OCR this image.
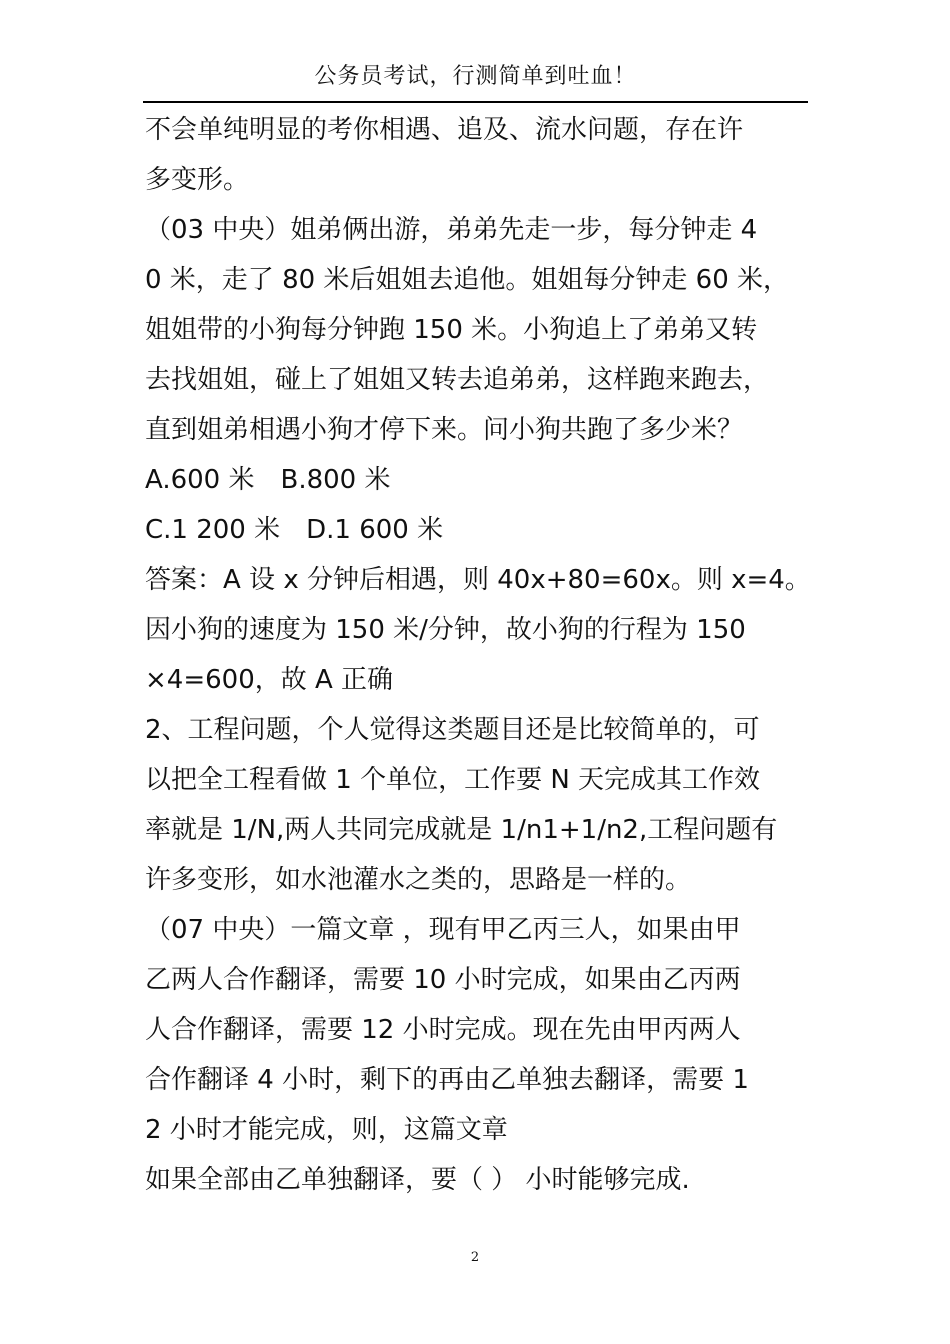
公务员考试，行测简单到吐血！
不会单纯明显的考你相遇、追及、流水问题，存在许
多变形。
（03 中央）姐弟俩出游，弟弟先走一步，每分钟走 4
0 米，走了 80 米后姐姐去追他。姐姐每分钟走 60 米，
姐姐带的小狗每分钟跑 150 米。小狗追上了弟弟又转
去找姐姐，碰上了姐姐又转去追弟弟，这样跑来跑去，
直到姐弟相遇小狗才停下来。问小狗共跑了多少米？
A.600 米　B.800 米
C.1 200 米　D.1 600 米
答案：A 设 x 分钟后相遇，则 40x+80=60x。则 x=4。
因小狗的速度为 150 米/分钟，故小狗的行程为 150
×4=600，故 A 正确
2、工程问题，个人觉得这类题目还是比较简单的，可
以把全工程看做 1 个单位，工作要 N 天完成其工作效
率就是 1/N,两人共同完成就是 1/n1+1/n2,工程问题有
许多变形，如水池灌水之类的，思路是一样的。
（07 中央）一篇文章 ，现有甲乙丙三人，如果由甲
乙两人合作翻译，需要 10 小时完成，如果由乙丙两
人合作翻译，需要 12 小时完成。现在先由甲丙两人
合作翻译 4 小时，剩下的再由乙单独去翻译，需要 1
2 小时才能完成，则，这篇文章
如果全部由乙单独翻译，要（ ） 小时能够完成.
2
